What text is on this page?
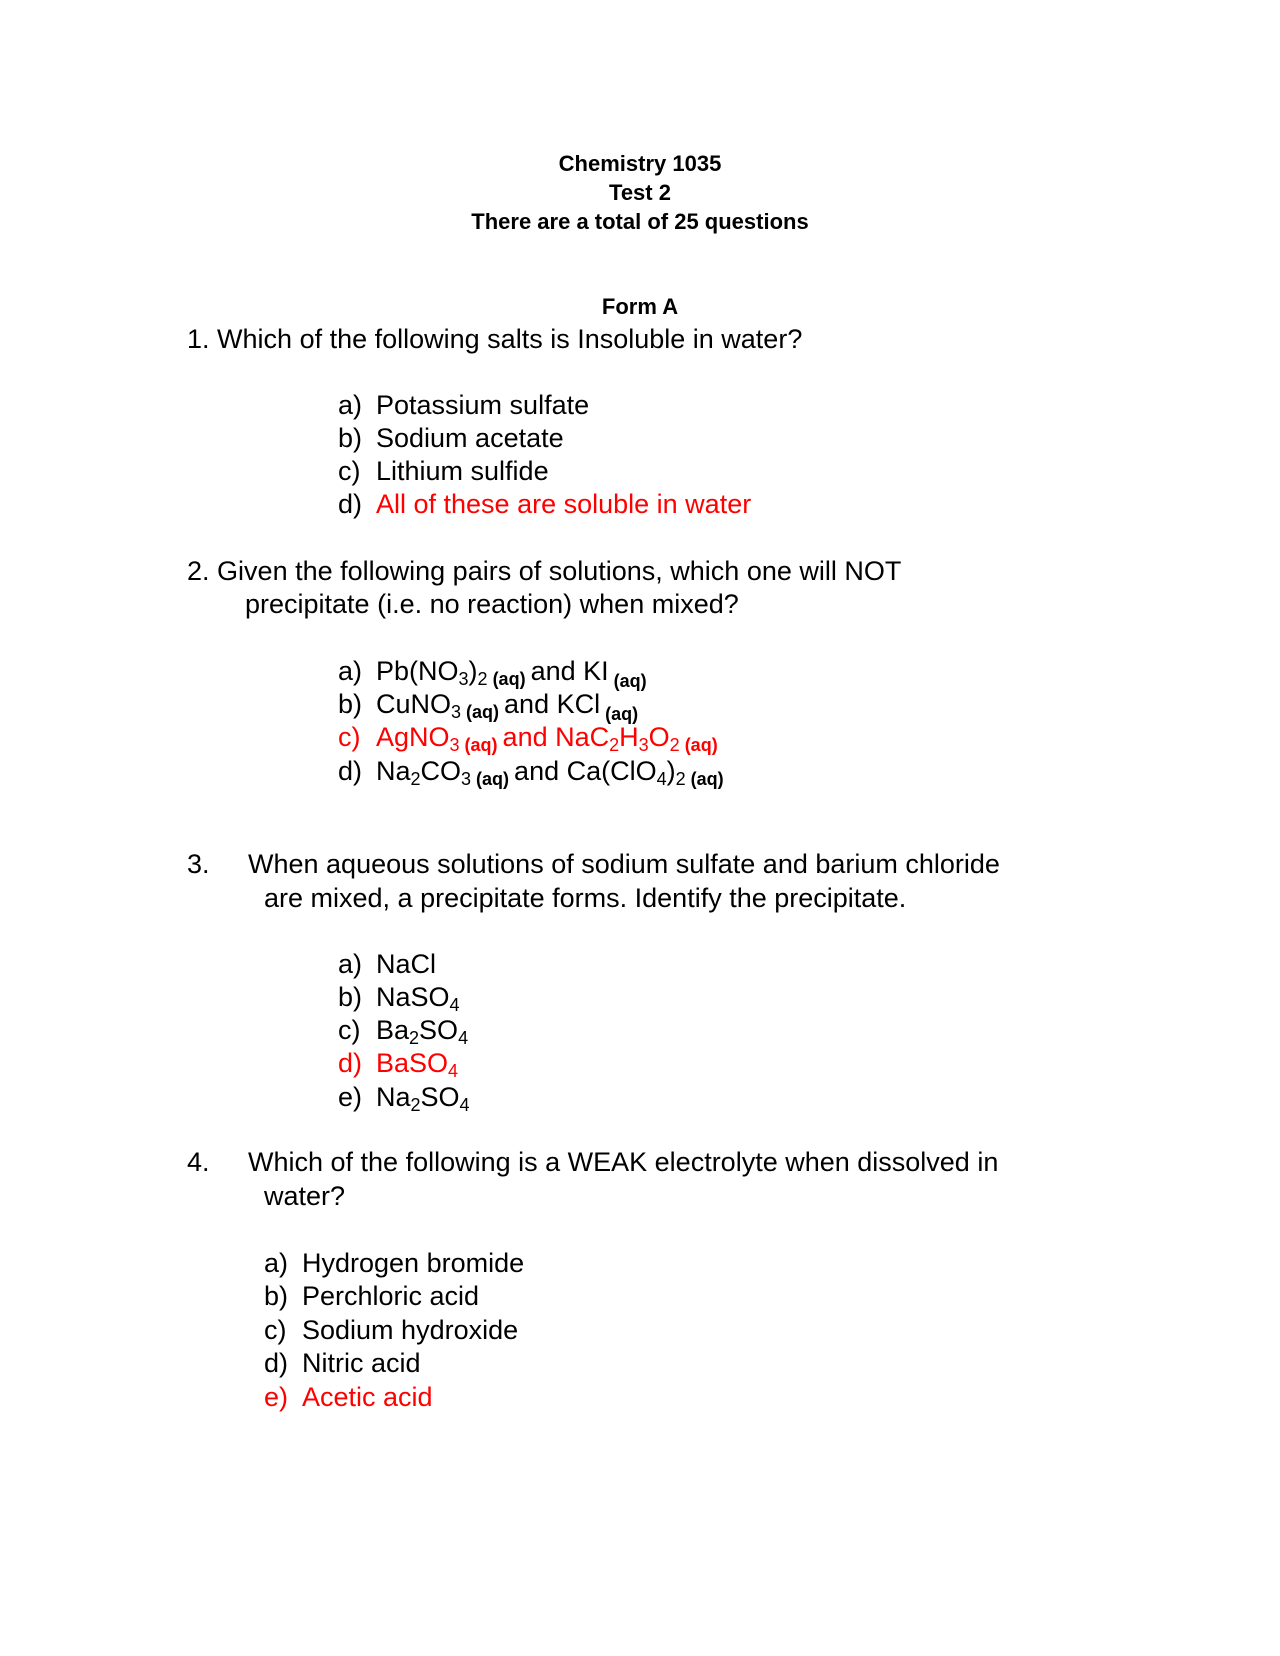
Chemistry 1035
Test 2
There are a total of 25 questions
Form A
1. Which of the following salts is Insoluble in water?
a) Potassium sulfate
b) Sodium acetate
c) Lithium sulfide
d) All of these are soluble in water
2. Given the following pairs of solutions, which one will NOT
precipitate (i.e. no reaction) when mixed?
a) $Pb(NO_3)_2$ (aq) and KI $_{(aq)}$
b) CuNO$_3$ (aq) and KCl $_{(aq)}$
c) AgNO$_3$ (aq) and $NaC_2H_3O_2$ (aq)
d) $Na_2CO_3$ (aq) and $Ca(ClO_4)_2$ (aq)
3. When aqueous solutions of sodium sulfate and barium chloride
are mixed, a precipitate forms. Identify the precipitate.
a) NaCl
b) NaSO$_4$
c) $Ba_2SO_4$
d) BaSO$_4$
e) $Na_2SO_4$
4. Which of the following is a WEAK electrolyte when dissolved in
water?
a) Hydrogen bromide
b) Perchloric acid
c) Sodium hydroxide
d) Nitric acid
e) Acetic acid
